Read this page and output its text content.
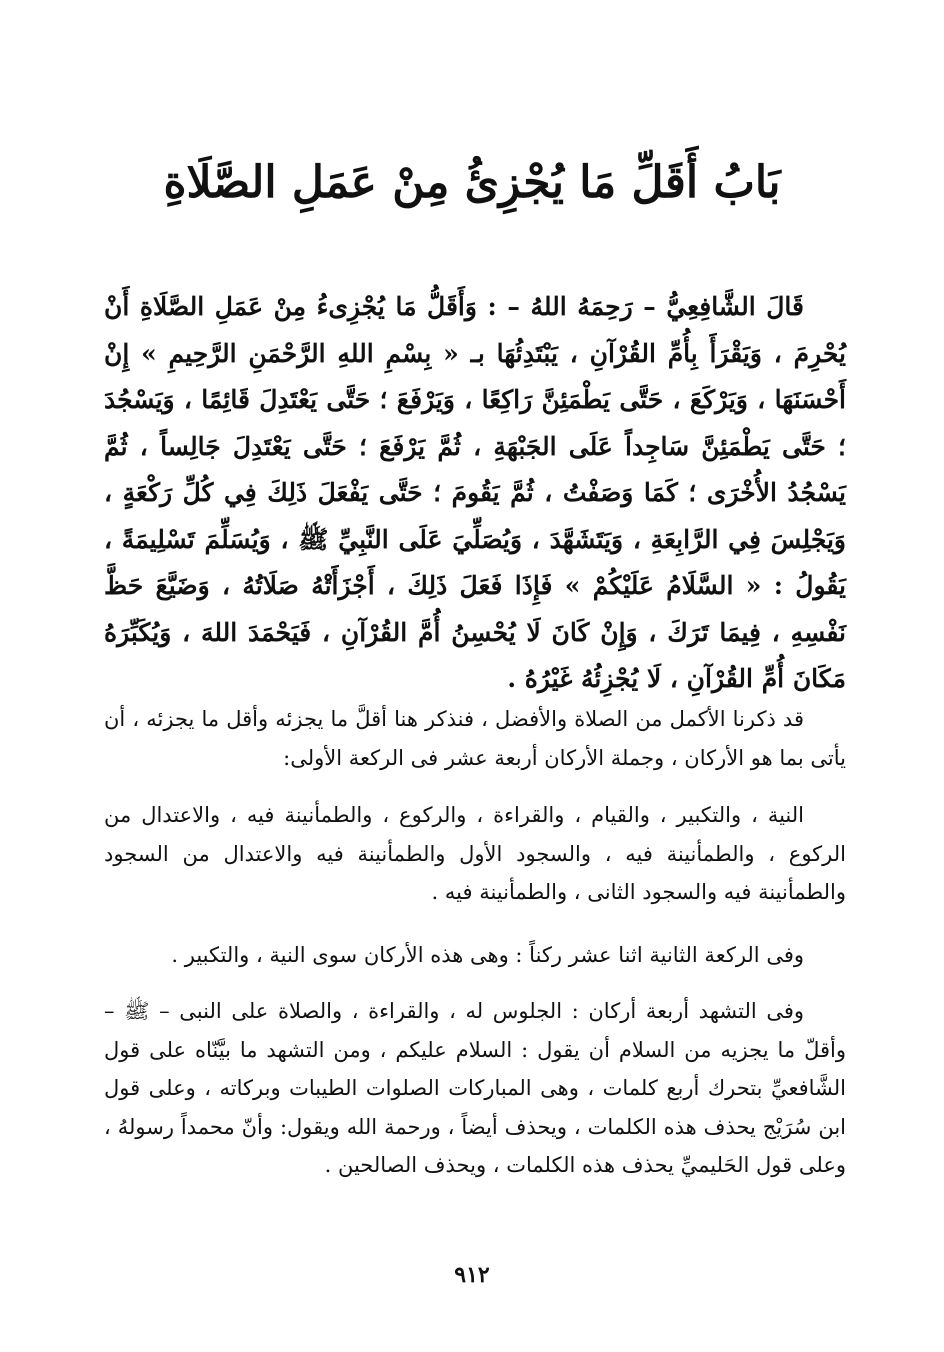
بَابُ أَقَلِّ مَا يُجْزِئُ مِنْ عَمَلِ الصَّلَاةِ

قَالَ الشَّافِعِيُّ – رَحِمَهُ اللهُ – : وَأَقَلُّ مَا يُجْزِىءُ مِنْ عَمَلِ الصَّلَاةِ أَنْ يُحْرِمَ ، وَيَقْرَأَ بِأُمِّ القُرْآنِ ، يَبْتَدِئُهَا بـ « بِسْمِ اللهِ الرَّحْمَنِ الرَّحِيمِ » إِنْ أَحْسَنَهَا ، وَيَرْكَعَ ، حَتَّى يَطْمَئِنَّ رَاكِعًا ، وَيَرْفَعَ ؛ حَتَّى يَعْتَدِلَ قَائِمًا ، وَيَسْجُدَ ؛ حَتَّى يَطْمَئِنَّ سَاجِداً عَلَى الجَبْهَةِ ، ثُمَّ يَرْفَعَ ؛ حَتَّى يَعْتَدِلَ جَالِساً ، ثُمَّ يَسْجُدُ الأُخْرَى ؛ كَمَا وَصَفْتُ ، ثُمَّ يَقُومَ ؛ حَتَّى يَفْعَلَ ذَلِكَ فِي كُلِّ رَكْعَةٍ ، وَيَجْلِسَ فِي الرَّابِعَةِ ، وَيَتَشَهَّدَ ، وَيُصَلِّيَ عَلَى النَّبِيِّ ﷺ ، وَيُسَلِّمَ تَسْلِيمَةً ، يَقُولُ : « السَّلَامُ عَلَيْكُمْ » فَإِذَا فَعَلَ ذَلِكَ ، أَجْزَأَتْهُ صَلَاتُهُ ، وَضَيَّعَ حَظَّ نَفْسِهِ ، فِيمَا تَرَكَ ، وَإِنْ كَانَ لَا يُحْسِنُ أُمَّ القُرْآنِ ، فَيَحْمَدَ اللهَ ، وَيُكَبِّرَهُ مَكَانَ أُمِّ القُرْآنِ ، لَا يُجْزِئُهُ غَيْرُهُ .

قد ذكرنا الأكمل من الصلاة والأفضل ، فنذكر هنا أقلَّ ما يجزئه وأقل ما يجزئه ، أن يأتى بما هو الأركان ، وجملة الأركان أربعة عشر فى الركعة الأولى:

النية ، والتكبير ، والقيام ، والقراءة ، والركوع ، والطمأنينة فيه ، والاعتدال من الركوع ، والطمأنينة فيه ، والسجود الأول والطمأنينة فيه والاعتدال من السجود والطمأنينة فيه والسجود الثانى ، والطمأنينة فيه .

وفى الركعة الثانية اثنا عشر ركناً : وهى هذه الأركان سوى النية ، والتكبير .

وفى التشهد أربعة أركان : الجلوس له ، والقراءة ، والصلاة على النبى – ﷺ – وأقلّ ما يجزيه من السلام أن يقول : السلام عليكم ، ومن التشهد ما بيَّنّاه على قول الشَّافعيِّ بتحرك أربع كلمات ، وهى المباركات الصلوات الطيبات وبركاته ، وعلى قول ابن سُرَيْج يحذف هذه الكلمات ، ويحذف أيضاً ، ورحمة الله ويقول: وأنّ محمداً رسولهُ ، وعلى قول الحَليميِّ يحذف هذه الكلمات ، ويحذف الصالحين .

٩١٢
